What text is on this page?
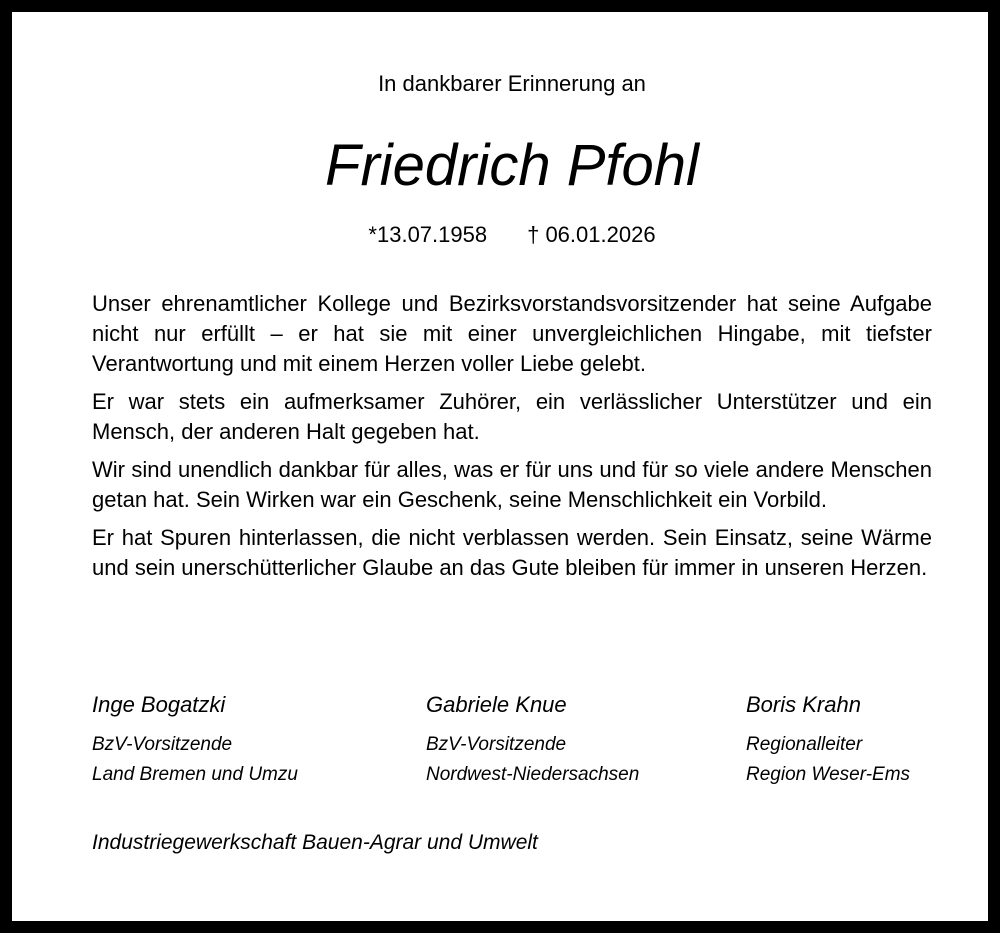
In dankbarer Erinnerung an
Friedrich Pfohl
*13.07.1958 † 06.01.2026

Unser ehrenamtlicher Kollege und Bezirksvorstandsvorsitzender hat seine Aufgabe nicht nur erfüllt – er hat sie mit einer unvergleichlichen Hingabe, mit tiefster Verantwortung und mit einem Herzen voller Liebe gelebt.

Er war stets ein aufmerksamer Zuhörer, ein verlässlicher Unterstützer und ein Mensch, der anderen Halt gegeben hat.

Wir sind unendlich dankbar für alles, was er für uns und für so viele andere Menschen getan hat. Sein Wirken war ein Geschenk, seine Menschlichkeit ein Vorbild.

Er hat Spuren hinterlassen, die nicht verblassen werden. Sein Einsatz, seine Wärme und sein unerschütterlicher Glaube an das Gute bleiben für immer in unseren Herzen.

Inge Bogatzki
BzV-Vorsitzende
Land Bremen und Umzu
Gabriele Knue
BzV-Vorsitzende
Nordwest-Niedersachsen
Boris Krahn
Regionalleiter
Region Weser-Ems
Industriegewerkschaft Bauen-Agrar und Umwelt
